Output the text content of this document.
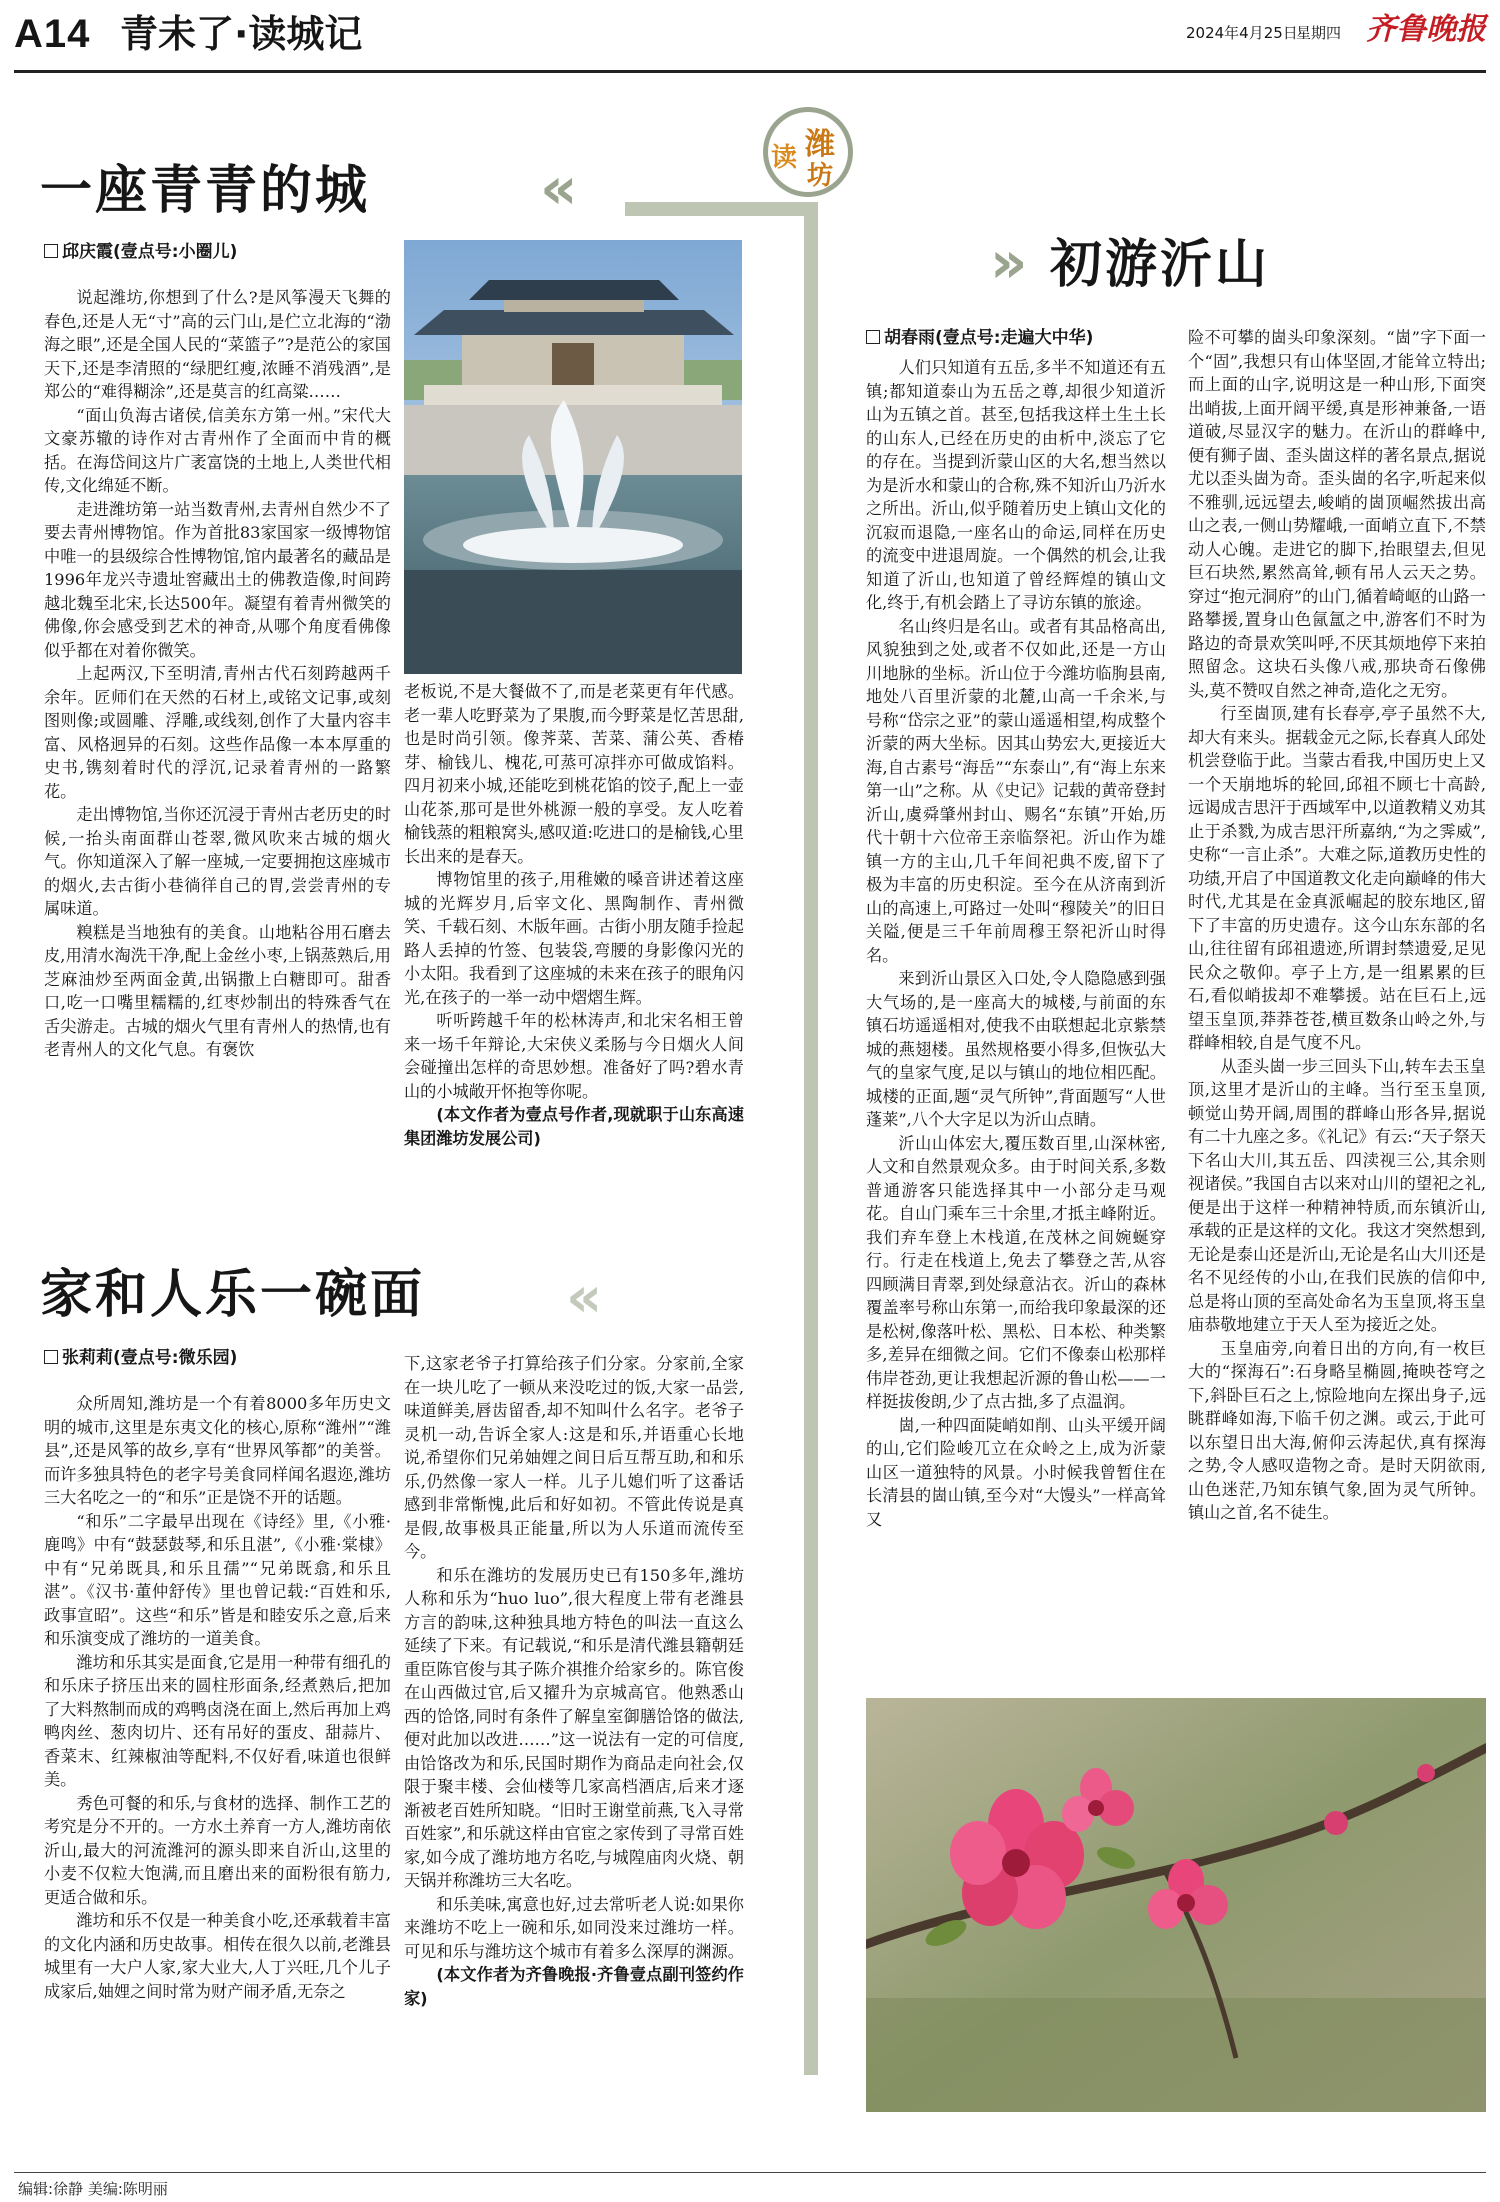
A14 青未了·读城记	2024年4月25日
星期四 齐鲁晚报
«
»
«
读 潍
坊
一座青青的城
邱庆霞(壹点号:小圈儿)

说起潍坊,你想到了什么?是风筝漫天飞舞的春色,还是人无“寸”高的云门山,是伫立北海的“渤海之眼”,还是全国人民的“菜篮子”?是范公的家国天下,还是李清照的“绿肥红瘦,浓睡不消残酒”,是郑公的“难得糊涂”,还是莫言的红高粱……

“面山负海古诸侯,信美东方第一州。”宋代大文豪苏辙的诗作对古青州作了全面而中肯的概括。在海岱间这片广袤富饶的土地上,人类世代相传,文化绵延不断。

走进潍坊第一站当数青州,去青州自然少不了要去青州博物馆。作为首批83家国家一级博物馆中唯一的县级综合性博物馆,馆内最著名的藏品是1996年龙兴寺遗址窖藏出土的佛教造像,时间跨越北魏至北宋,长达500年。凝望有着青州微笑的佛像,你会感受到艺术的神奇,从哪个角度看佛像似乎都在对着你微笑。

上起两汉,下至明清,青州古代石刻跨越两千余年。匠师们在天然的石材上,或铭文记事,或刻图则像;或圆雕、浮雕,或线刻,创作了大量内容丰富、风格迥异的石刻。这些作品像一本本厚重的史书,镌刻着时代的浮沉,记录着青州的一路繁花。

走出博物馆,当你还沉浸于青州古老历史的时候,一抬头南面群山苍翠,微风吹来古城的烟火气。你知道深入了解一座城,一定要拥抱这座城市的烟火,去古街小巷徜徉自己的胃,尝尝青州的专属味道。

糗糕是当地独有的美食。山地粘谷用石磨去皮,用清水淘洗干净,配上金丝小枣,上锅蒸熟后,用芝麻油炒至两面金黄,出锅撒上白糖即可。甜香口,吃一口嘴里糯糯的,红枣炒制出的特殊香气在舌尖游走。古城的烟火气里有青州人的热情,也有老青州人的文化气息。有褒饮

老板说,不是大餐做不了,而是老菜更有年代感。老一辈人吃野菜为了果腹,而今野菜是忆苦思甜,也是时尚引领。像荠菜、苦菜、蒲公英、香椿芽、榆钱儿、槐花,可蒸可凉拌亦可做成馅料。四月初来小城,还能吃到桃花馅的饺子,配上一壶山花茶,那可是世外桃源一般的享受。友人吃着榆钱蒸的粗粮窝头,感叹道:吃进口的是榆钱,心里长出来的是春天。

博物馆里的孩子,用稚嫩的嗓音讲述着这座城的光辉岁月,后宰文化、黑陶制作、青州微笑、千载石刻、木版年画。古街小朋友随手捡起路人丢掉的竹签、包装袋,弯腰的身影像闪光的小太阳。我看到了这座城的未来在孩子的眼角闪光,在孩子的一举一动中熠熠生辉。

听听跨越千年的松林涛声,和北宋名相王曾来一场千年辩论,大宋侠义柔肠与今日烟火人间会碰撞出怎样的奇思妙想。准备好了吗?碧水青山的小城敞开怀抱等你呢。

(本文作者为壹点号作者,现就职于山东高速集团潍坊发展公司)

家和人乐一碗面
张莉莉(壹点号:微乐园)

众所周知,潍坊是一个有着8000多年历史文明的城市,这里是东夷文化的核心,原称“潍州”“潍县”,还是风筝的故乡,享有“世界风筝都”的美誉。而许多独具特色的老字号美食同样闻名遐迩,潍坊三大名吃之一的“和乐”正是饶不开的话题。

“和乐”二字最早出现在《诗经》里,《小雅·鹿鸣》中有“鼓瑟鼓琴,和乐且湛”,《小雅·棠棣》中有“兄弟既具,和乐且孺”“兄弟既翕,和乐且湛”。《汉书·董仲舒传》里也曾记载:“百姓和乐,政事宣昭”。这些“和乐”皆是和睦安乐之意,后来和乐演变成了潍坊的一道美食。

潍坊和乐其实是面食,它是用一种带有细孔的和乐床子挤压出来的圆柱形面条,经煮熟后,把加了大料熬制而成的鸡鸭卤浇在面上,然后再加上鸡鸭肉丝、葱肉切片、还有吊好的蛋皮、甜蒜片、香菜末、红辣椒油等配料,不仅好看,味道也很鲜美。

秀色可餐的和乐,与食材的选择、制作工艺的考究是分不开的。一方水土养育一方人,潍坊南依沂山,最大的河流潍河的源头即来自沂山,这里的小麦不仅粒大饱满,而且磨出来的面粉很有筋力,更适合做和乐。

潍坊和乐不仅是一种美食小吃,还承载着丰富的文化内涵和历史故事。相传在很久以前,老潍县城里有一大户人家,家大业大,人丁兴旺,几个儿子成家后,妯娌之间时常为财产闹矛盾,无奈之

下,这家老爷子打算给孩子们分家。分家前,全家在一块儿吃了一顿从来没吃过的饭,大家一品尝,味道鲜美,唇齿留香,却不知叫什么名字。老爷子灵机一动,告诉全家人:这是和乐,并语重心长地说,希望你们兄弟妯娌之间日后互帮互助,和和乐乐,仍然像一家人一样。儿子儿媳们听了这番话感到非常惭愧,此后和好如初。不管此传说是真是假,故事极具正能量,所以为人乐道而流传至今。

和乐在潍坊的发展历史已有150多年,潍坊人称和乐为“huo luo”,很大程度上带有老潍县方言的韵味,这种独具地方特色的叫法一直这么延续了下来。有记载说,“和乐是清代潍县籍朝廷重臣陈官俊与其子陈介祺推介给家乡的。陈官俊在山西做过官,后又擢升为京城高官。他熟悉山西的饸饹,同时有条件了解皇室御膳饸饹的做法,便对此加以改进……”这一说法有一定的可信度,由饸饹改为和乐,民国时期作为商品走向社会,仅限于聚丰楼、会仙楼等几家高档酒店,后来才逐渐被老百姓所知晓。“旧时王谢堂前燕,飞入寻常百姓家”,和乐就这样由官宦之家传到了寻常百姓家,如今成了潍坊地方名吃,与城隍庙肉火烧、朝天锅并称潍坊三大名吃。

和乐美味,寓意也好,过去常听老人说:如果你来潍坊不吃上一碗和乐,如同没来过潍坊一样。可见和乐与潍坊这个城市有着多么深厚的渊源。

(本文作者为齐鲁晚报·齐鲁壹点副刊签约作家)

初游沂山
胡春雨(壹点号:走遍大中华)

人们只知道有五岳,多半不知道还有五镇;都知道泰山为五岳之尊,却很少知道沂山为五镇之首。甚至,包括我这样土生土长的山东人,已经在历史的由析中,淡忘了它的存在。当提到沂蒙山区的大名,想当然以为是沂水和蒙山的合称,殊不知沂山乃沂水之所出。沂山,似乎随着历史上镇山文化的沉寂而退隐,一座名山的命运,同样在历史的流变中进退周旋。一个偶然的机会,让我知道了沂山,也知道了曾经辉煌的镇山文化,终于,有机会踏上了寻访东镇的旅途。

名山终归是名山。或者有其品格高出,风貌独到之处,或者不仅如此,还是一方山川地脉的坐标。沂山位于今潍坊临朐县南,地处八百里沂蒙的北麓,山高一千余米,与号称“岱宗之亚”的蒙山遥遥相望,构成整个沂蒙的两大坐标。因其山势宏大,更接近大海,自古素号“海岳”“东泰山”,有“海上东来第一山”之称。从《史记》记载的黄帝登封沂山,虞舜肇州封山、赐名“东镇”开始,历代十朝十六位帝王亲临祭祀。沂山作为雄镇一方的主山,几千年间祀典不废,留下了极为丰富的历史积淀。至今在从济南到沂山的高速上,可路过一处叫“穆陵关”的旧日关隘,便是三千年前周穆王祭祀沂山时得名。

来到沂山景区入口处,令人隐隐感到强大气场的,是一座高大的城楼,与前面的东镇石坊遥遥相对,使我不由联想起北京紫禁城的燕翅楼。虽然规格要小得多,但恢弘大气的皇家气度,足以与镇山的地位相匹配。城楼的正面,题“灵气所钟”,背面题写“人世蓬莱”,八个大字足以为沂山点睛。

沂山山体宏大,覆压数百里,山深林密,人文和自然景观众多。由于时间关系,多数普通游客只能选择其中一小部分走马观花。自山门乘车三十余里,才抵主峰附近。我们弃车登上木栈道,在茂林之间婉蜒穿行。行走在栈道上,免去了攀登之苦,从容四顾满目青翠,到处绿意沾衣。沂山的森林覆盖率号称山东第一,而给我印象最深的还是松树,像落叶松、黑松、日本松、种类繁多,差异在细微之间。它们不像泰山松那样伟岸苍劲,更让我想起沂源的鲁山松——一样挺拔俊朗,少了点古拙,多了点温润。

崮,一种四面陡峭如削、山头平缓开阔的山,它们险峻兀立在众岭之上,成为沂蒙山区一道独特的风景。小时候我曾暂住在长清县的崮山镇,至今对“大馒头”一样高耸又

险不可攀的崮头印象深刻。“崮”字下面一个“固”,我想只有山体坚固,才能耸立特出;而上面的山字,说明这是一种山形,下面突出峭拔,上面开阔平缓,真是形神兼备,一语道破,尽显汉字的魅力。在沂山的群峰中,便有狮子崮、歪头崮这样的著名景点,据说尤以歪头崮为奇。歪头崮的名字,听起来似不雅驯,远远望去,峻峭的崮顶崛然拔出高山之表,一侧山势耀峨,一面峭立直下,不禁动人心魄。走进它的脚下,抬眼望去,但见巨石块然,累然高耸,顿有吊人云天之势。穿过“抱元洞府”的山门,循着崎岖的山路一路攀援,置身山色氤氲之中,游客们不时为路边的奇景欢笑叫呼,不厌其烦地停下来拍照留念。这块石头像八戒,那块奇石像佛头,莫不赞叹自然之神奇,造化之无穷。

行至崮顶,建有长春亭,亭子虽然不大,却大有来头。据载金元之际,长春真人邱处机尝登临于此。当蒙古看我,中国历史上又一个天崩地坼的轮回,邱祖不顾七十高龄,远谒成吉思汗于西域军中,以道教精义劝其止于杀戮,为成吉思汗所嘉纳,“为之霁威”,史称“一言止杀”。大难之际,道教历史性的功绩,开启了中国道教文化走向巅峰的伟大时代,尤其是在金真派崛起的胶东地区,留下了丰富的历史遗存。这今山东东部的名山,往往留有邱祖遗迹,所谓封禁遗爱,足见民众之敬仰。亭子上方,是一组累累的巨石,看似峭拔却不难攀援。站在巨石上,远望玉皇顶,莽莽苍苍,横亘数条山岭之外,与群峰相较,自是气度不凡。

从歪头崮一步三回头下山,转车去玉皇顶,这里才是沂山的主峰。当行至玉皇顶,顿觉山势开阔,周围的群峰山形各异,据说有二十九座之多。《礼记》有云:“天子祭天下名山大川,其五岳、四渎视三公,其余则视诸侯。”我国自古以来对山川的望祀之礼,便是出于这样一种精神特质,而东镇沂山,承载的正是这样的文化。我这才突然想到,无论是泰山还是沂山,无论是名山大川还是名不见经传的小山,在我们民族的信仰中,总是将山顶的至高处命名为玉皇顶,将玉皇庙恭敬地建立于天人至为接近之处。

玉皇庙旁,向着日出的方向,有一枚巨大的“探海石”:石身略呈椭圆,掩映苍穹之下,斜卧巨石之上,惊险地向左探出身子,远眺群峰如海,下临千仞之渊。或云,于此可以东望日出大海,俯仰云涛起伏,真有探海之势,令人感叹造物之奇。是时天阴欲雨,山色迷茫,乃知东镇气象,固为灵气所钟。镇山之首,名不徒生。

编辑:徐静 美编:陈明丽
